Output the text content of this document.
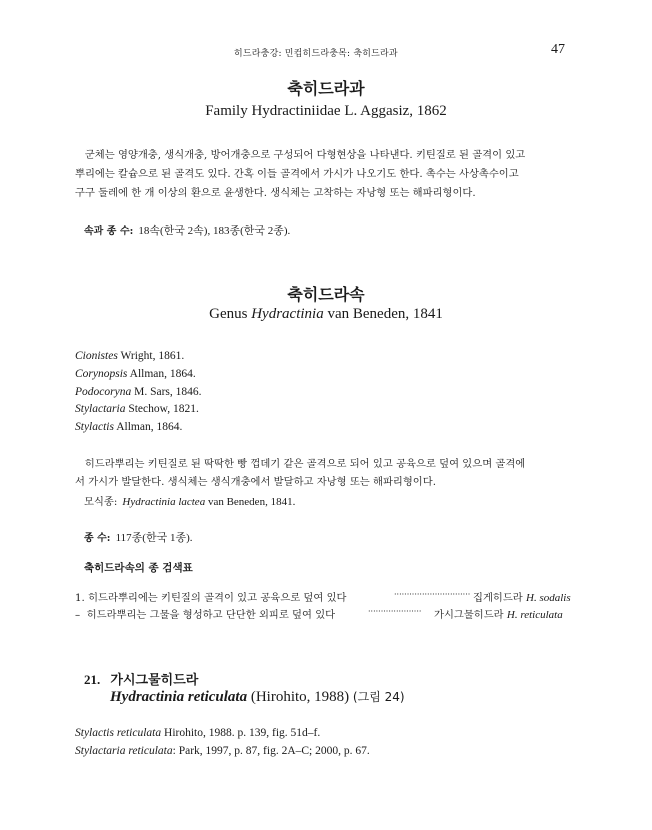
히드라충강: 민컵히드라충목: 축히드라과	47
축히드라과
Family Hydractiniidae L. Aggasiz, 1862
군체는 영양개충, 생식개충, 방어개충으로 구성되어 다형현상을 나타낸다. 키틴질로 된 골격이 있고
뿌리에는 칼슘으로 된 골격도 있다. 간혹 이들 골격에서 가시가 나오기도 한다. 촉수는 사상촉수이고
구구 둘레에 한 개 이상의 환으로 윤생한다. 생식체는 고착하는 자낭형 또는 해파리형이다.
속과 종 수: 18속(한국 2속), 183종(한국 2종).
축히드라속
Genus Hydractinia van Beneden, 1841
Cionistes Wright, 1861.
Corynopsis Allman, 1864.
Podocoryna M. Sars, 1846.
Stylactaria Stechow, 1821.
Stylactis Allman, 1864.
히드라뿌리는 키틴질로 된 딱딱한 빵 껍데기 같은 골격으로 되어 있고 공육으로 덮여 있으며 골격에
서 가시가 발달한다. 생식체는 생식개충에서 발달하고 자낭형 또는 해파리형이다.
모식종: Hydractinia lactea van Beneden, 1841.
종 수: 117종(한국 1종).
축히드라속의 종 검색표
1. 히드라뿌리에는 키틴질의 골격이 있고 공육으로 덮여 있다	······························ 집게히드라 H. sodalis
– 히드라뿌리는 그물을 형성하고 단단한 외피로 덮여 있다	····················· 가시그물히드라 H. reticulata
21. 가시그물히드라
Hydractinia reticulata (Hirohito, 1988) (그림 24)
Stylactis reticulata Hirohito, 1988. p. 139, fig. 51d–f.
Stylactaria reticulata: Park, 1997, p. 87, fig. 2A–C; 2000, p. 67.
